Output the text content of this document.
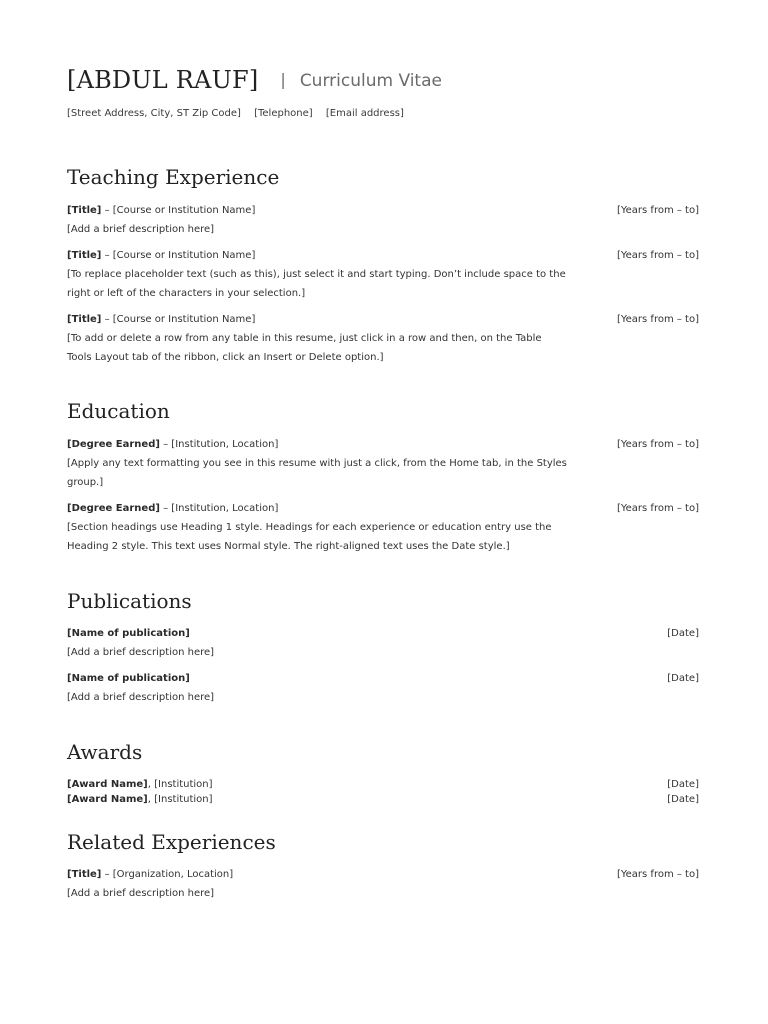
[ABDUL RAUF] | Curriculum Vitae
[Street Address, City, ST Zip Code] [Telephone] [Email address]
Teaching Experience
[Title] – [Course or Institution Name]	[Years from – to]
[Add a brief description here]
[Title] – [Course or Institution Name]	[Years from – to]
[To replace placeholder text (such as this), just select it and start typing. Don’t include space to the right or left of the characters in your selection.]
[Title] – [Course or Institution Name]	[Years from – to]
[To add or delete a row from any table in this resume, just click in a row and then, on the Table Tools Layout tab of the ribbon, click an Insert or Delete option.]
Education
[Degree Earned] – [Institution, Location]	[Years from – to]
[Apply any text formatting you see in this resume with just a click, from the Home tab, in the Styles group.]
[Degree Earned] – [Institution, Location]	[Years from – to]
[Section headings use Heading 1 style. Headings for each experience or education entry use the Heading 2 style. This text uses Normal style. The right-aligned text uses the Date style.]
Publications
[Name of publication]	[Date]
[Add a brief description here]
[Name of publication]	[Date]
[Add a brief description here]
Awards
[Award Name], [Institution]	[Date]
[Award Name], [Institution]	[Date]
Related Experiences
[Title] – [Organization, Location]	[Years from – to]
[Add a brief description here]
